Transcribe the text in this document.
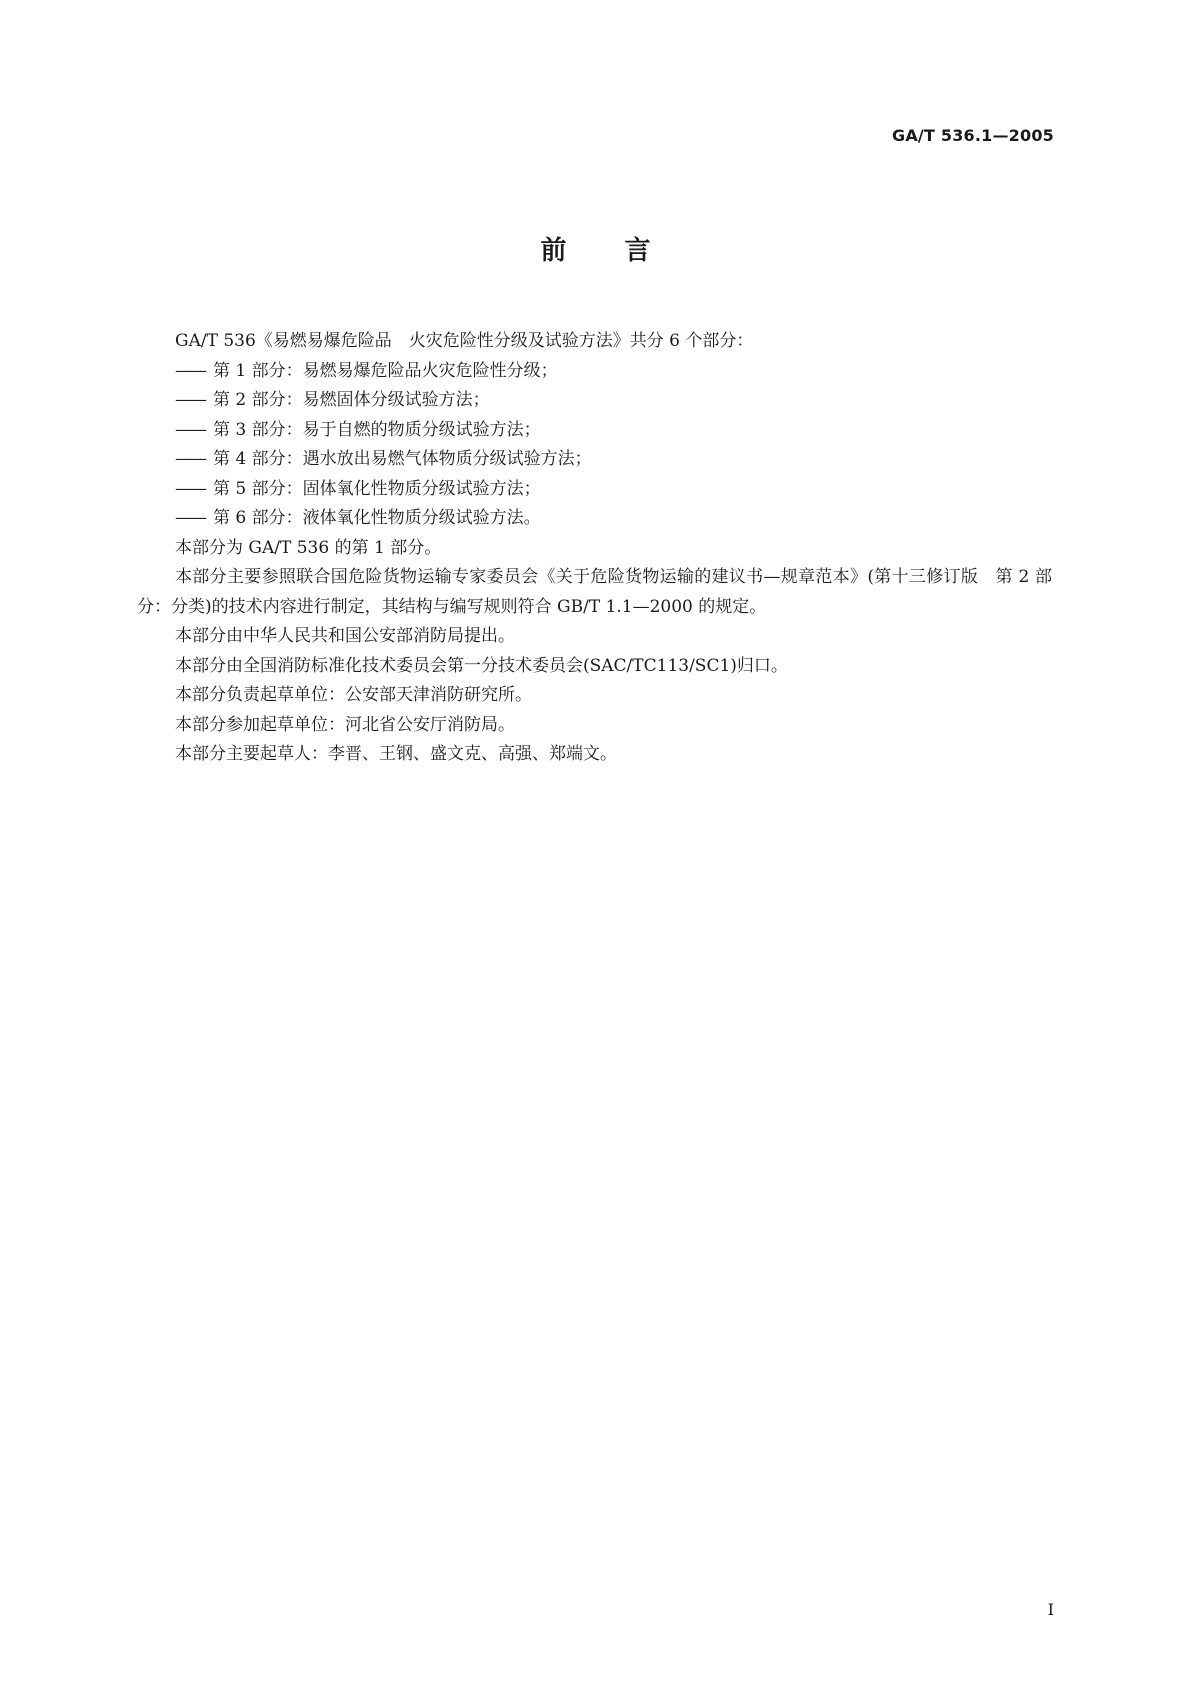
GA/T 536.1—2005
前言

GA/T 536《易燃易爆危险品　火灾危险性分级及试验方法》共分 6 个部分：

—— 第 1 部分：易燃易爆危险品火灾危险性分级；

—— 第 2 部分：易燃固体分级试验方法；

—— 第 3 部分：易于自燃的物质分级试验方法；

—— 第 4 部分：遇水放出易燃气体物质分级试验方法；

—— 第 5 部分：固体氧化性物质分级试验方法；

—— 第 6 部分：液体氧化性物质分级试验方法。

本部分为 GA/T 536 的第 1 部分。

本部分主要参照联合国危险货物运输专家委员会《关于危险货物运输的建议书—规章范本》(第十三修订版　第 2 部分：分类)的技术内容进行制定，其结构与编写规则符合 GB/T 1.1—2000 的规定。

本部分由中华人民共和国公安部消防局提出。

本部分由全国消防标准化技术委员会第一分技术委员会(SAC/TC113/SC1)归口。

本部分负责起草单位：公安部天津消防研究所。

本部分参加起草单位：河北省公安厅消防局。

本部分主要起草人：李晋、王钢、盛文克、高强、郑端文。

I
